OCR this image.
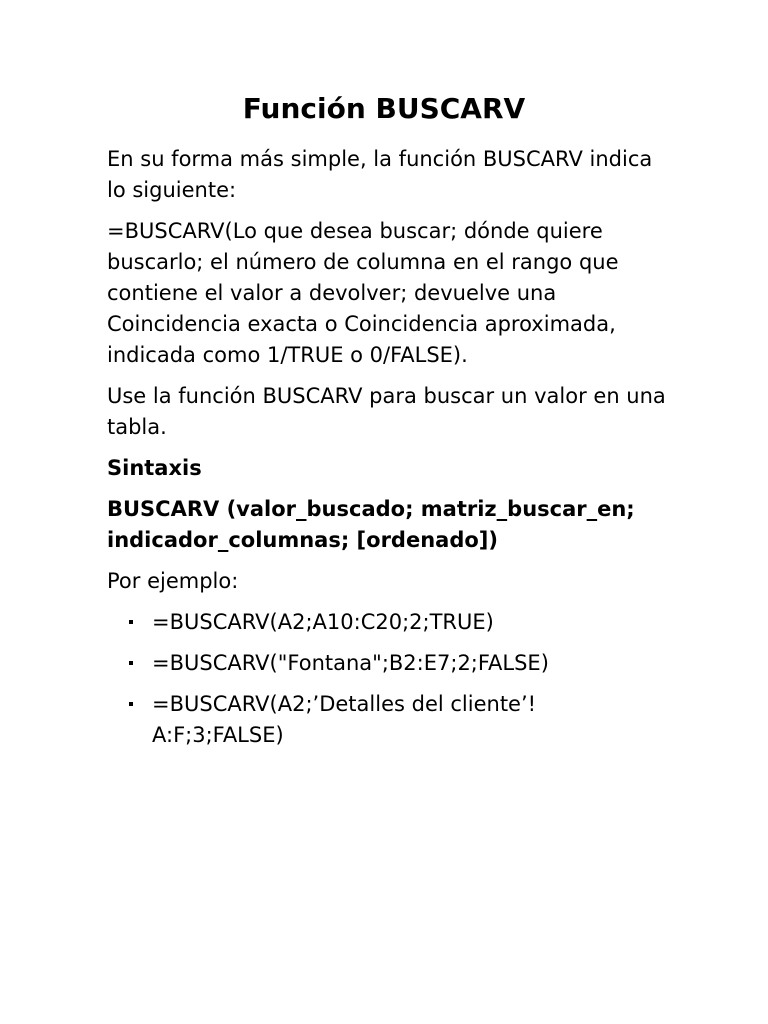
Función BUSCARV

En su forma más simple, la función BUSCARV indica lo siguiente:

=BUSCARV(Lo que desea buscar; dónde quiere buscarlo; el número de columna en el rango que contiene el valor a devolver; devuelve una Coincidencia exacta o Coincidencia aproximada, indicada como 1/TRUE o 0/FALSE).

Use la función BUSCARV para buscar un valor en una tabla.

Sintaxis

BUSCARV (valor_buscado; matriz_buscar_en; indicador_columnas; [ordenado])

Por ejemplo:

=BUSCARV(A2;A10:C20;2;TRUE)
=BUSCARV("Fontana";B2:E7;2;FALSE)
=BUSCARV(A2;’Detalles del cliente’!
A:F;3;FALSE)
